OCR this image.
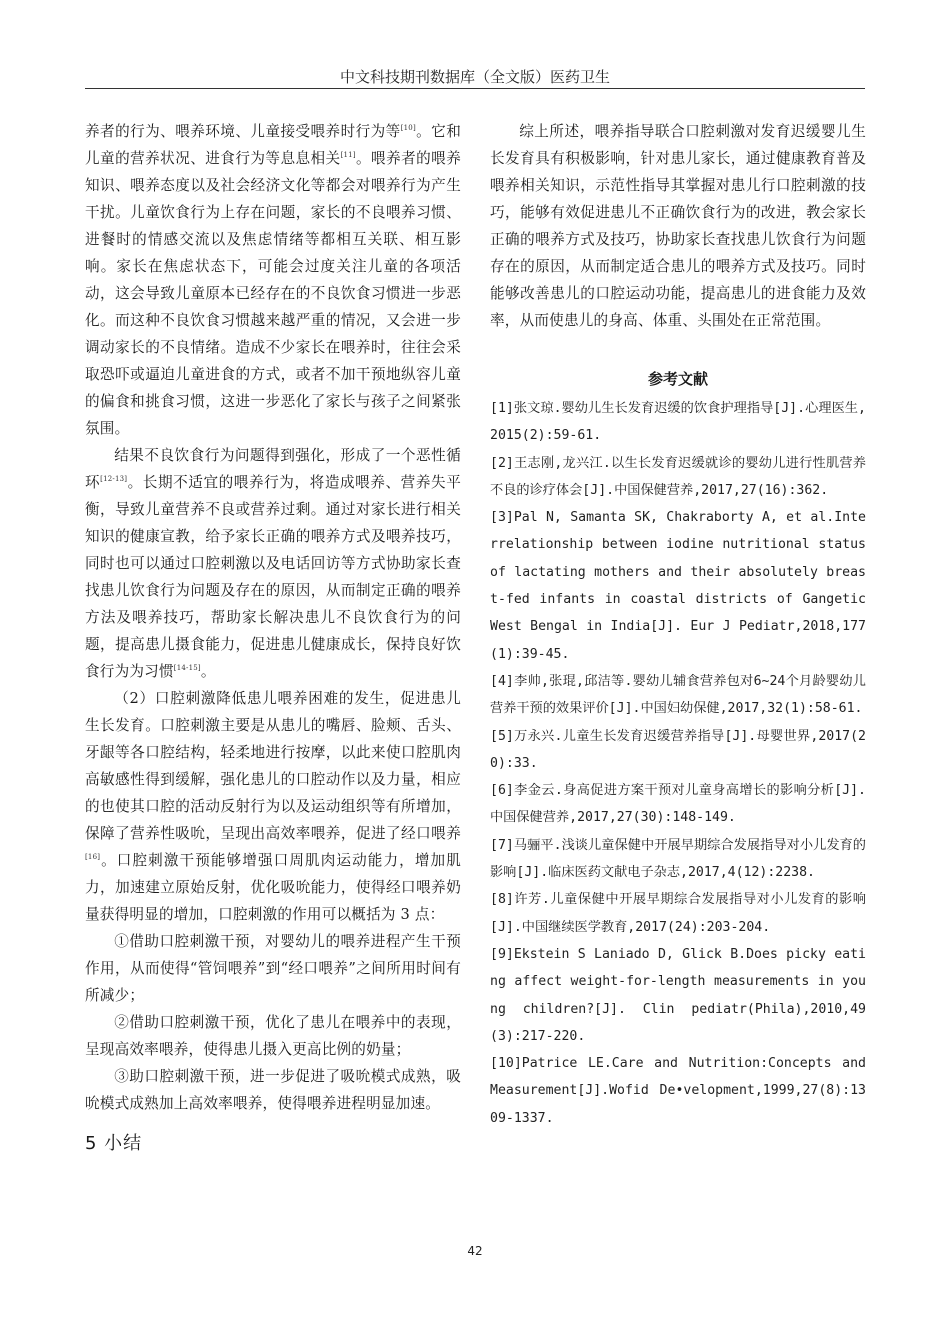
中文科技期刊数据库（全文版）医药卫生

养者的行为、喂养环境、儿童接受喂养时行为等[10]。它和儿童的营养状况、进食行为等息息相关[11]。喂养者的喂养知识、喂养态度以及社会经济文化等都会对喂养行为产生干扰。儿童饮食行为上存在问题，家长的不良喂养习惯、进餐时的情感交流以及焦虑情绪等都相互关联、相互影响。家长在焦虑状态下，可能会过度关注儿童的各项活动，这会导致儿童原本已经存在的不良饮食习惯进一步恶化。而这种不良饮食习惯越来越严重的情况，又会进一步调动家长的不良情绪。造成不少家长在喂养时，往往会采取恐吓或逼迫儿童进食的方式，或者不加干预地纵容儿童的偏食和挑食习惯，这进一步恶化了家长与孩子之间紧张氛围。

结果不良饮食行为问题得到强化，形成了一个恶性循环[12-13]。长期不适宜的喂养行为，将造成喂养、营养失平衡，导致儿童营养不良或营养过剩。通过对家长进行相关知识的健康宣教，给予家长正确的喂养方式及喂养技巧，同时也可以通过口腔刺激以及电话回访等方式协助家长查找患儿饮食行为问题及存在的原因，从而制定正确的喂养方法及喂养技巧，帮助家长解决患儿不良饮食行为的问题，提高患儿摄食能力，促进患儿健康成长，保持良好饮食行为为习惯[14-15]。

（2）口腔刺激降低患儿喂养困难的发生，促进患儿生长发育。口腔刺激主要是从患儿的嘴唇、脸颊、舌头、牙龈等各口腔结构，轻柔地进行按摩，以此来使口腔肌肉高敏感性得到缓解，强化患儿的口腔动作以及力量，相应的也使其口腔的活动反射行为以及运动组织等有所增加，保障了营养性吸吮，呈现出高效率喂养，促进了经口喂养[16]。口腔刺激干预能够增强口周肌肉运动能力，增加肌力，加速建立原始反射，优化吸吮能力，使得经口喂养奶量获得明显的增加，口腔刺激的作用可以概括为 3 点：

①借助口腔刺激干预，对婴幼儿的喂养进程产生干预作用，从而使得“管饲喂养”到“经口喂养”之间所用时间有所减少；

②借助口腔刺激干预，优化了患儿在喂养中的表现，呈现高效率喂养，使得患儿摄入更高比例的奶量；

③助口腔刺激干预，进一步促进了吸吮模式成熟，吸吮模式成熟加上高效率喂养，使得喂养进程明显加速。

5 小结

综上所述，喂养指导联合口腔刺激对发育迟缓婴儿生长发育具有积极影响，针对患儿家长，通过健康教育普及喂养相关知识，示范性指导其掌握对患儿行口腔刺激的技巧，能够有效促进患儿不正确饮食行为的改进，教会家长正确的喂养方式及技巧，协助家长查找患儿饮食行为问题存在的原因，从而制定适合患儿的喂养方式及技巧。同时能够改善患儿的口腔运动功能，提高患儿的进食能力及效率，从而使患儿的身高、体重、头围处在正常范围。

参考文献
[1]张文琼.婴幼儿生长发育迟缓的饮食护理指导[J].心理医生,2015(2):59-61.
[2]王志刚,龙兴江.以生长发育迟缓就诊的婴幼儿进行性肌营养不良的诊疗体会[J].中国保健营养,2017,27(16):362.
[3]Pal N, Samanta SK, Chakraborty A, et al.Interrelationship between iodine nutritional status of lactating mothers and their absolutely breast-fed infants in coastal districts of Gangetic West Bengal in India[J]. Eur J Pediatr,2018,177(1):39-45.
[4]李帅,张琨,邱洁等.婴幼儿辅食营养包对6~24个月龄婴幼儿营养干预的效果评价[J].中国妇幼保健,2017,32(1):58-61.
[5]万永兴.儿童生长发育迟缓营养指导[J].母婴世界,2017(20):33.
[6]李金云.身高促进方案干预对儿童身高增长的影响分析[J].中国保健营养,2017,27(30):148-149.
[7]马骊平.浅谈儿童保健中开展早期综合发展指导对小儿发育的影响[J].临床医药文献电子杂志,2017,4(12):2238.
[8]许芳.儿童保健中开展早期综合发展指导对小儿发育的影响[J].中国继续医学教育,2017(24):203-204.
[9]Ekstein S Laniado D, Glick B.Does picky eating affect weight-for-length measurements in young children?[J]. Clin pediatr(Phila),2010,49(3):217-220.
[10]Patrice LE.Care and Nutrition:Concepts and Measurement[J].Wofid De•velopment,1999,27(8):1309-1337.
42
